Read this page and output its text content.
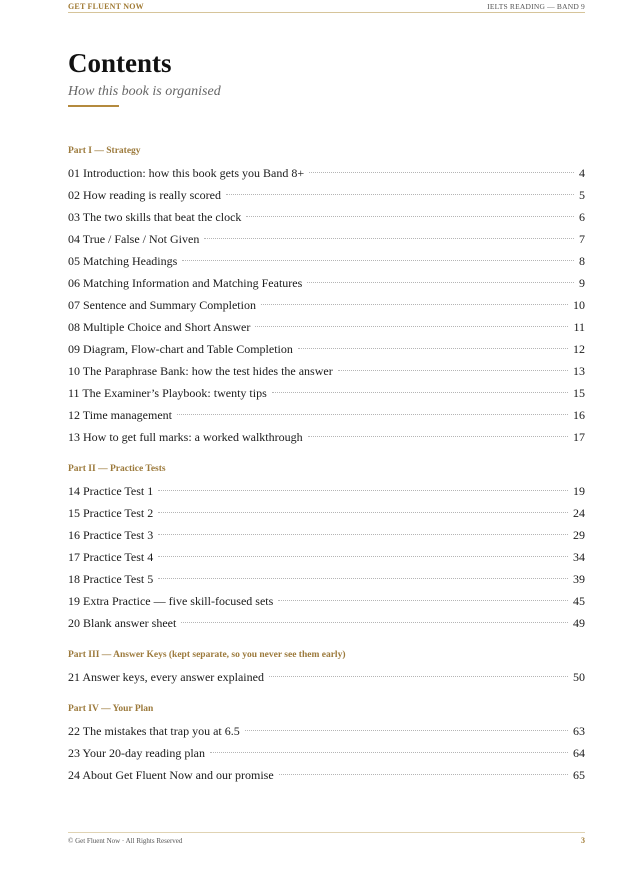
GET FLUENT NOW	IELTS READING — BAND 9
Contents
How this book is organised
Part I — Strategy
01 Introduction: how this book gets you Band 8+	4
02 How reading is really scored	5
03 The two skills that beat the clock	6
04 True / False / Not Given	7
05 Matching Headings	8
06 Matching Information and Matching Features	9
07 Sentence and Summary Completion	10
08 Multiple Choice and Short Answer	11
09 Diagram, Flow-chart and Table Completion	12
10 The Paraphrase Bank: how the test hides the answer	13
11 The Examiner’s Playbook: twenty tips	15
12 Time management	16
13 How to get full marks: a worked walkthrough	17
Part II — Practice Tests
14 Practice Test 1	19
15 Practice Test 2	24
16 Practice Test 3	29
17 Practice Test 4	34
18 Practice Test 5	39
19 Extra Practice — five skill-focused sets	45
20 Blank answer sheet	49
Part III — Answer Keys (kept separate, so you never see them early)
21 Answer keys, every answer explained	50
Part IV — Your Plan
22 The mistakes that trap you at 6.5	63
23 Your 20-day reading plan	64
24 About Get Fluent Now and our promise	65
© Get Fluent Now · All Rights Reserved	3
